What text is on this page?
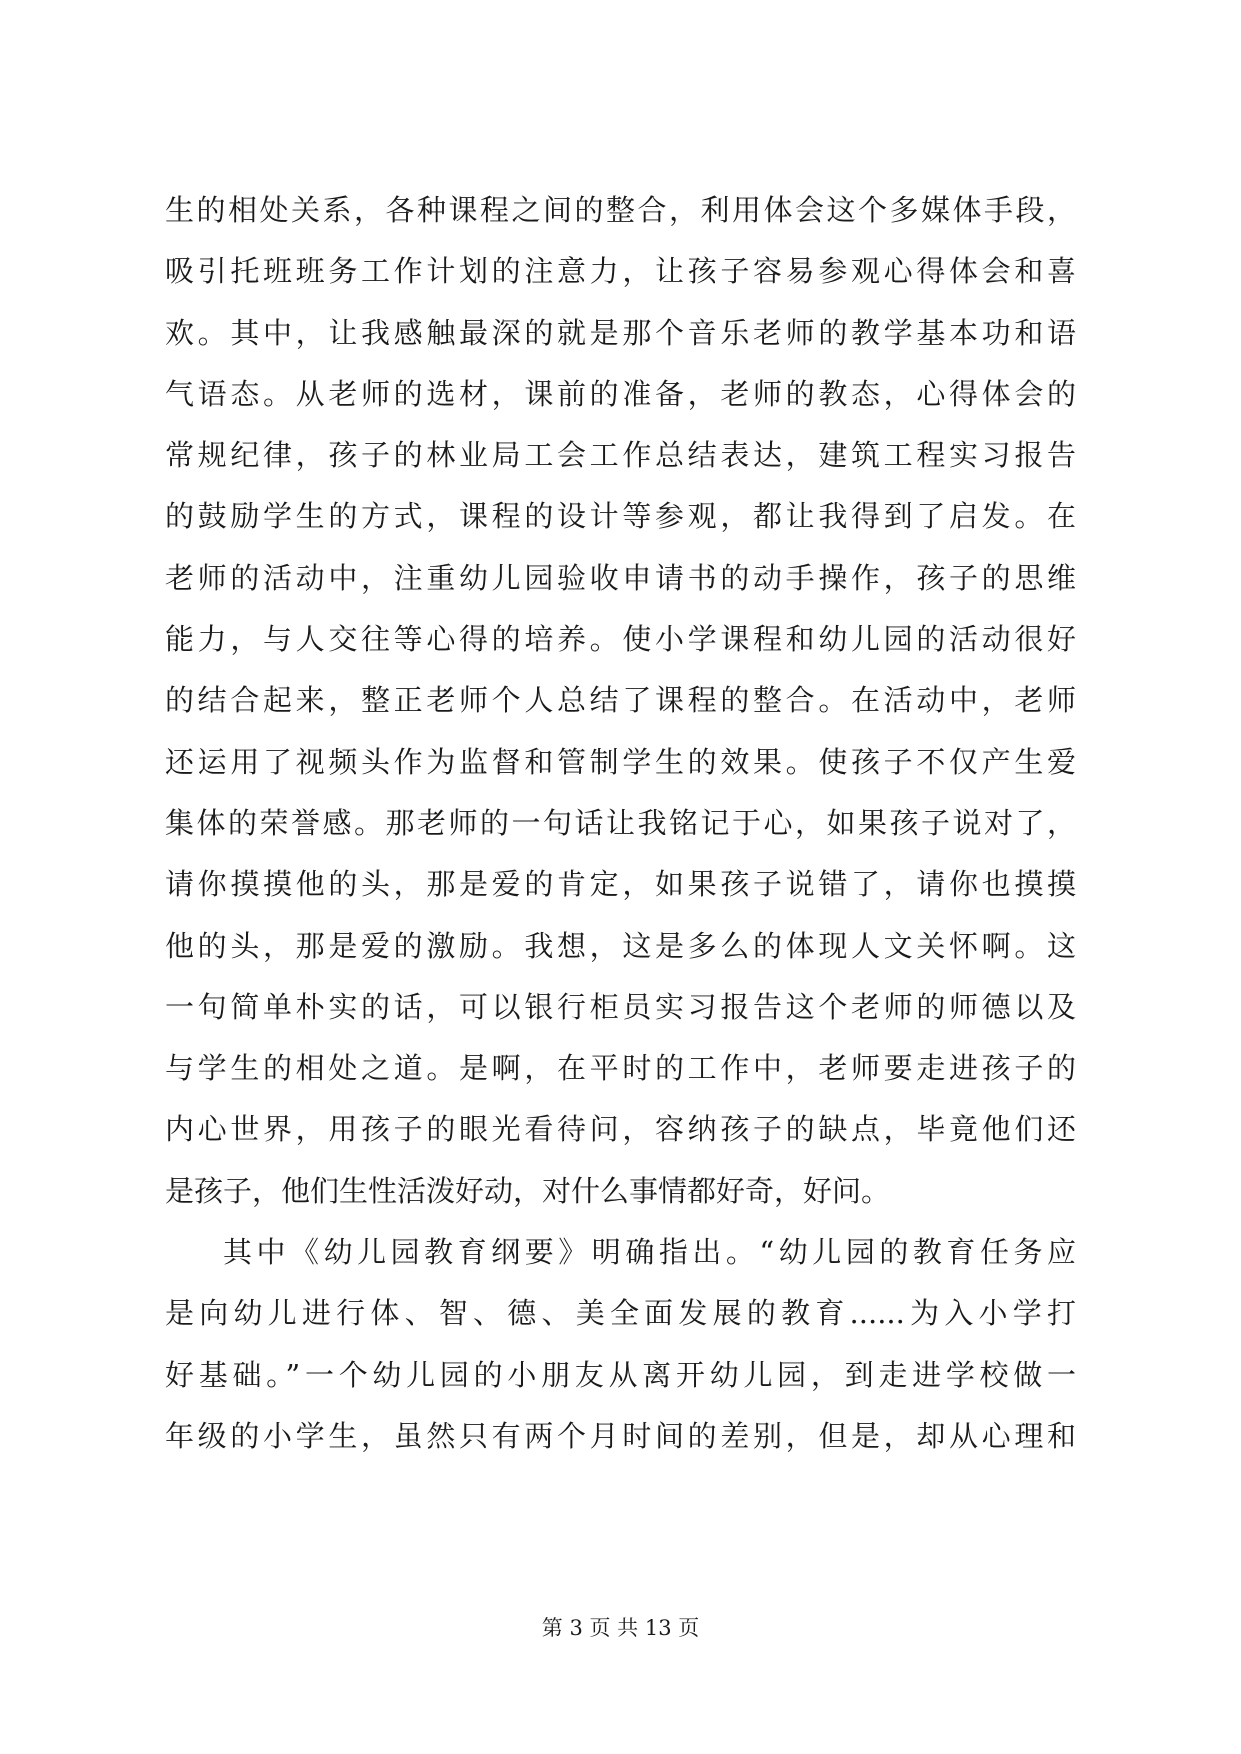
生的相处关系，各种课程之间的整合，利用体会这个多媒体手段，
吸引托班班务工作计划的注意力，让孩子容易参观心得体会和喜
欢。其中，让我感触最深的就是那个音乐老师的教学基本功和语
气语态。从老师的选材，课前的准备，老师的教态，心得体会的
常规纪律，孩子的林业局工会工作总结表达，建筑工程实习报告
的鼓励学生的方式，课程的设计等参观，都让我得到了启发。在
老师的活动中，注重幼儿园验收申请书的动手操作，孩子的思维
能力，与人交往等心得的培养。使小学课程和幼儿园的活动很好
的结合起来，整正老师个人总结了课程的整合。在活动中，老师
还运用了视频头作为监督和管制学生的效果。使孩子不仅产生爱
集体的荣誉感。那老师的一句话让我铭记于心，如果孩子说对了，
请你摸摸他的头，那是爱的肯定，如果孩子说错了，请你也摸摸
他的头，那是爱的激励。我想，这是多么的体现人文关怀啊。这
一句简单朴实的话，可以银行柜员实习报告这个老师的师德以及
与学生的相处之道。是啊，在平时的工作中，老师要走进孩子的
内心世界，用孩子的眼光看待问，容纳孩子的缺点，毕竟他们还
是孩子，他们生性活泼好动，对什么事情都好奇，好问。
其中《幼儿园教育纲要》明确指出。“幼儿园的教育任务应
是向幼儿进行体、智、德、美全面发展的教育......为入小学打
好基础。”一个幼儿园的小朋友从离开幼儿园，到走进学校做一
年级的小学生，虽然只有两个月时间的差别，但是，却从心理和
第 3 页 共 13 页
